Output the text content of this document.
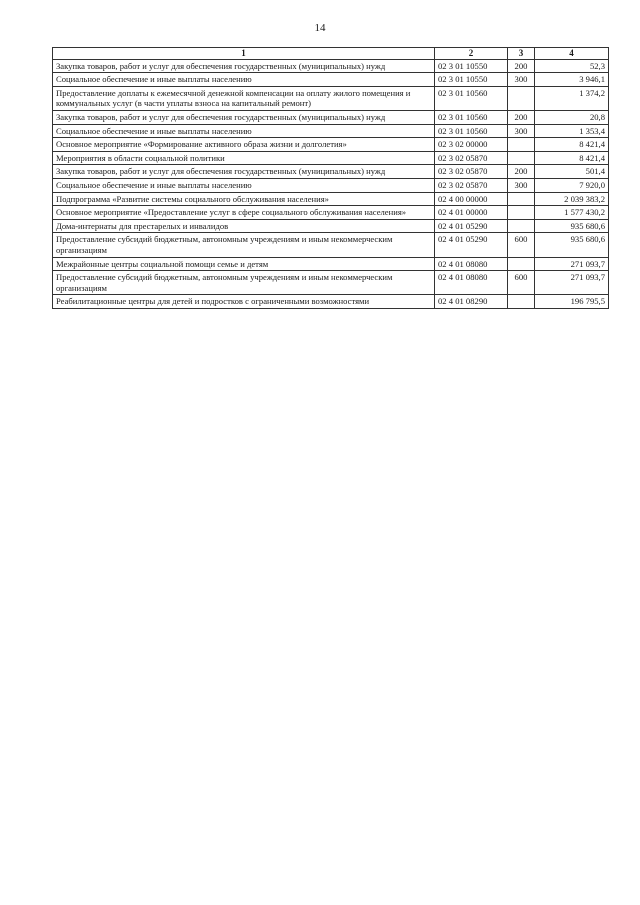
14
1	2	3	4
Закупка товаров, работ и услуг для обеспечения государственных (муниципальных) нужд	02 3 01 10550	200	52,3
Социальное обеспечение и иные выплаты населению	02 3 01 10550	300	3 946,1
Предоставление доплаты к ежемесячной денежной компенсации на оплату жилого помещения и коммунальных услуг (в части уплаты взноса на капитальный ремонт)	02 3 01 10560		1 374,2
Закупка товаров, работ и услуг для обеспечения государственных (муниципальных) нужд	02 3 01 10560	200	20,8
Социальное обеспечение и иные выплаты населению	02 3 01 10560	300	1 353,4
Основное мероприятие «Формирование активного образа жизни и долголетия»	02 3 02 00000		8 421,4
Мероприятия в области социальной политики	02 3 02 05870		8 421,4
Закупка товаров, работ и услуг для обеспечения государственных (муниципальных) нужд	02 3 02 05870	200	501,4
Социальное обеспечение и иные выплаты населению	02 3 02 05870	300	7 920,0
Подпрограмма «Развитие системы социального обслуживания населения»	02 4 00 00000		2 039 383,2
Основное мероприятие «Предоставление услуг в сфере социального обслуживания населения»	02 4 01 00000		1 577 430,2
Дома-интернаты для престарелых и инвалидов	02 4 01 05290		935 680,6
Предоставление субсидий бюджетным, автономным учреждениям и иным некоммерческим организациям	02 4 01 05290	600	935 680,6
Межрайонные центры социальной помощи семье и детям	02 4 01 08080		271 093,7
Предоставление субсидий бюджетным, автономным учреждениям и иным некоммерческим организациям	02 4 01 08080	600	271 093,7
Реабилитационные центры для детей и подростков с ограниченными возможностями	02 4 01 08290		196 795,5
